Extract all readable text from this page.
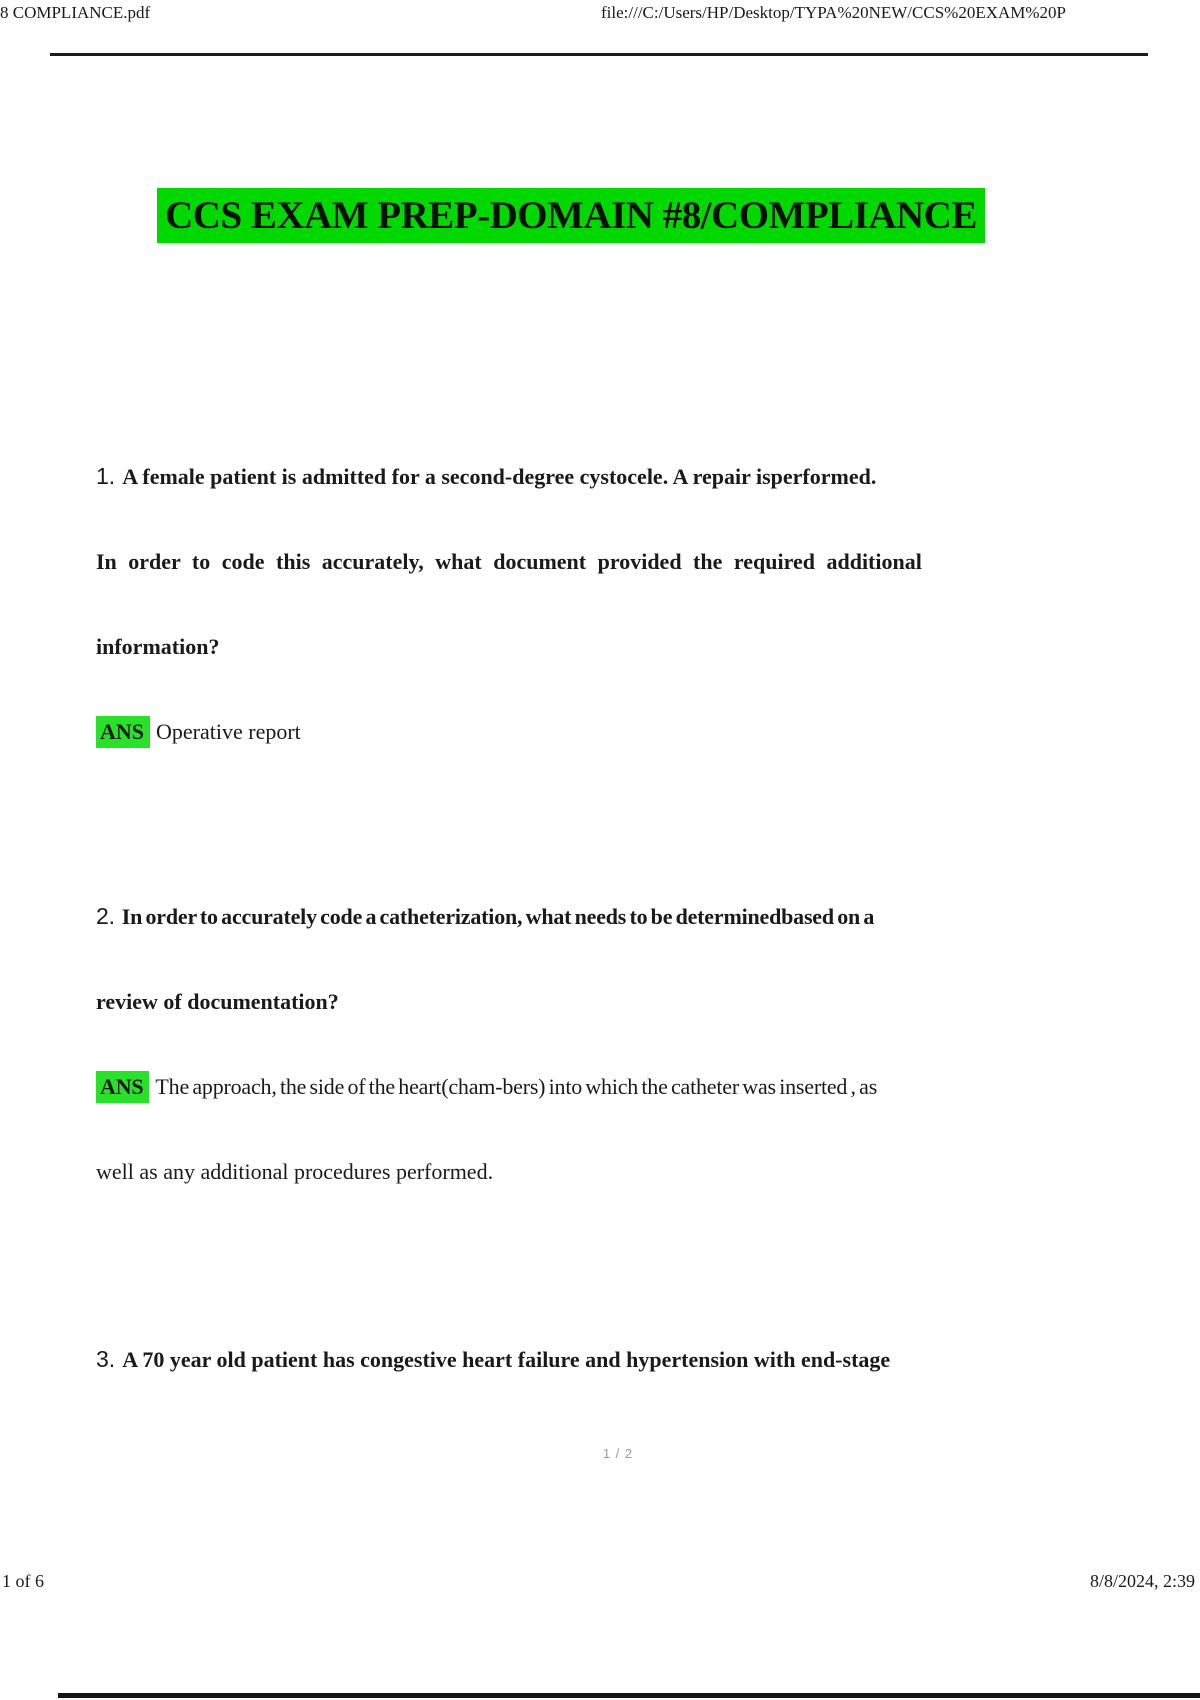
8 COMPLIANCE.pdf	file:///C:/Users/HP/Desktop/TYPA%20NEW/CCS%20EXAM%20P
CCS EXAM PREP-DOMAIN #8/COMPLIANCE
1. A female patient is admitted for a second-degree cystocele. A repair isperformed.
In order to code this accurately, what document provided the required additional
information?
ANS Operative report
2. In order to accurately code a catheterization, what needs to be determinedbased on a
review of documentation?
ANS The approach, the side of the heart(cham-bers) into which the catheter was inserted , as
well as any additional procedures performed.
3. A 70 year old patient has congestive heart failure and hypertension with end-stage
1 / 2
1 of 6	8/8/2024, 2:39
